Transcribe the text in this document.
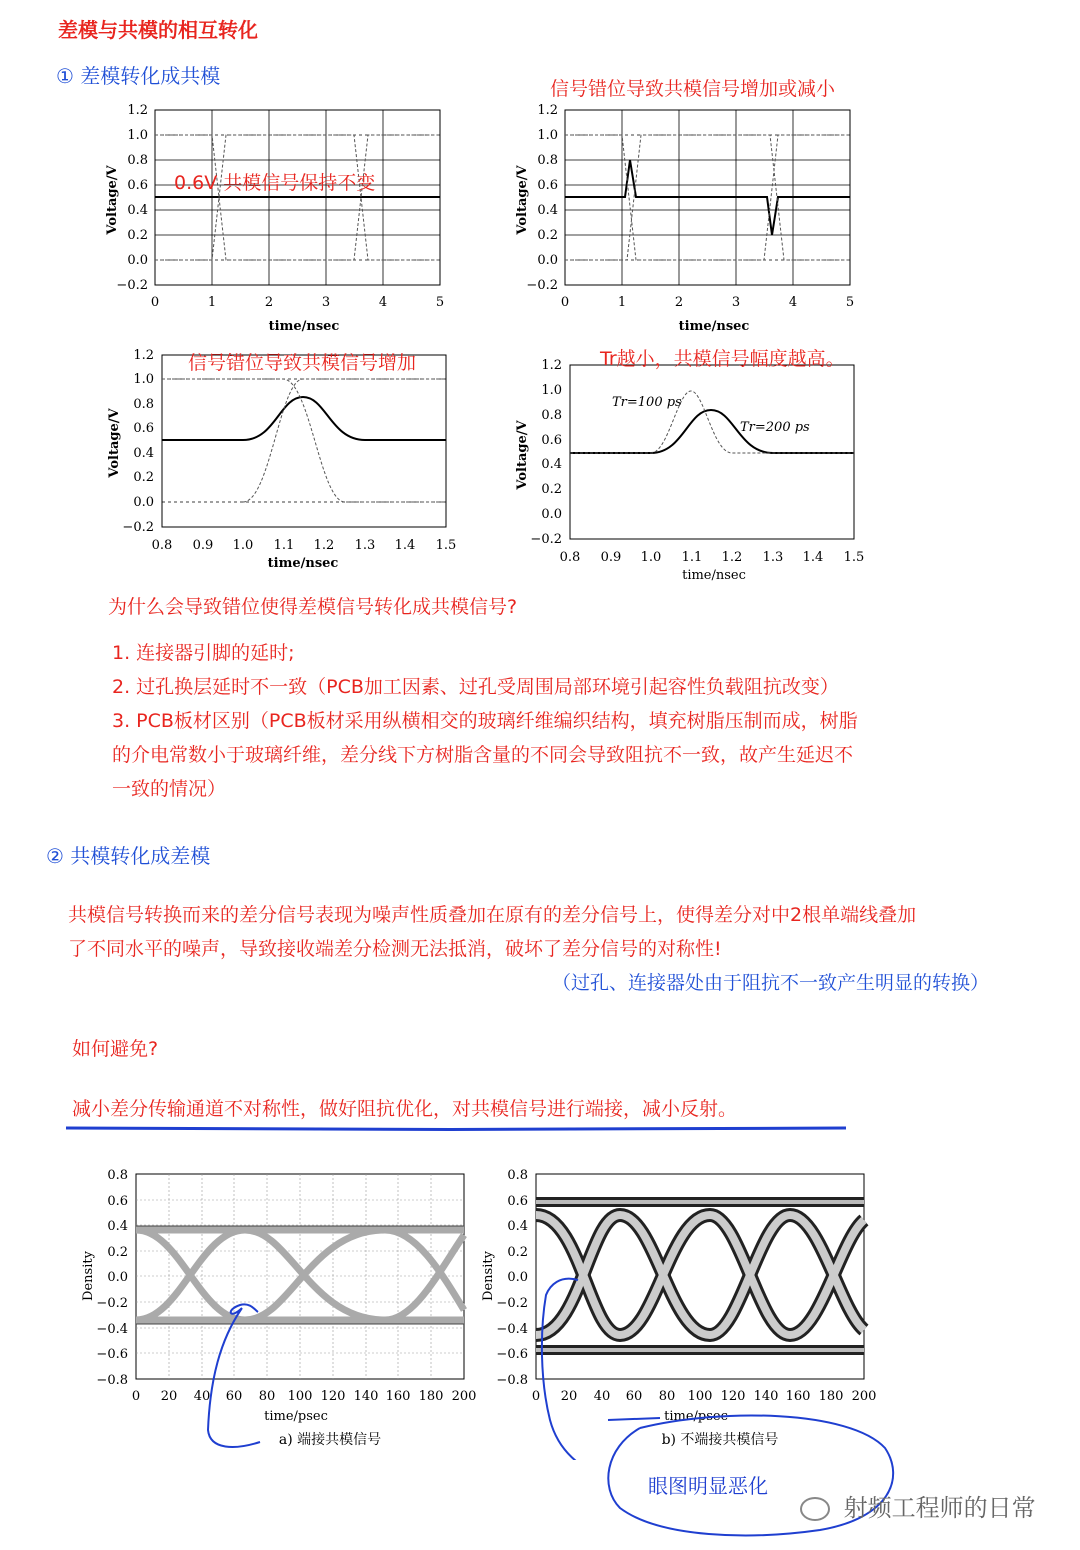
差模与共模的相互转化
① 差模转化成共模
1.2
1.0
0.8
0.6
0.4
0.2
0.0
−0.2
0	1	2	3	4	5
time/nsec
Voltage/V	0.6V 共模信号保持不变
1.2
1.0
0.8
0.6
0.4
0.2
0.0
−0.2
0	1	2	3	4	5
time/nsec
Voltage/V
信号错位导致共模信号增加或减小
1.2
1.0
0.8
0.6
0.4
0.2
0.0
−0.2
0.8 0.9 1.0 1.1 1.2 1.3 1.4 1.5
time/nsec
Voltage/V
信号错位导致共模信号增加	1.2
1.0
0.8
0.6
0.4
0.2
0.0
−0.2
0.8 0.9 1.0 1.1 1.2 1.3 1.4 1.5
time/nsec
Voltage/V
Tr=100 ps
Tr=200 ps
Tr越小，共模信号幅度越高。
为什么会导致错位使得差模信号转化成共模信号?

1. 连接器引脚的延时;

2. 过孔换层延时不一致（PCB加工因素、过孔受周围局部环境引起容性负载阻抗改变）

3. PCB板材区别（PCB板材采用纵横相交的玻璃纤维编织结构，填充树脂压制而成，树脂

的介电常数小于玻璃纤维，差分线下方树脂含量的不同会导致阻抗不一致，故产生延迟不

一致的情况）

② 共模转化成差模

共模信号转换而来的差分信号表现为噪声性质叠加在原有的差分信号上，使得差分对中2根单端线叠加

了不同水平的噪声，导致接收端差分检测无法抵消，破坏了差分信号的对称性!

（过孔、连接器处由于阻抗不一致产生明显的转换）
如何避免?
减小差分传输通道不对称性，做好阻抗优化，对共模信号进行端接，减小反射。
0.8
0.6
0.4
0.2
0.0
−0.2
−0.4
−0.6
−0.8
0 20 40 60 80 100 120 140 160 180 200
time/psec
Density
a) 端接共模信号
0.8
0.6
0.4
0.2
0.0
−0.2
−0.4
−0.6
−0.8
0 20 40 60 80 100 120 140 160 180 200
time/psec
Density
b) 不端接共模信号
眼图明显恶化
射频工程师的日常
